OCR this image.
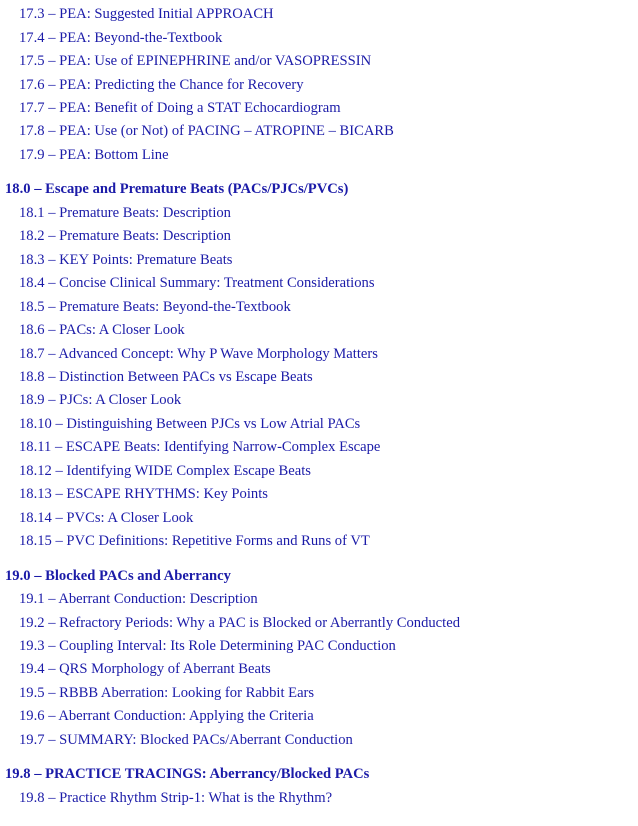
17.3 – PEA: Suggested Initial APPROACH
17.4 – PEA: Beyond-the-Textbook
17.5 – PEA: Use of EPINEPHRINE and/or VASOPRESSIN
17.6 – PEA: Predicting the Chance for Recovery
17.7 – PEA: Benefit of Doing a STAT Echocardiogram
17.8 – PEA: Use (or Not) of PACING – ATROPINE – BICARB
17.9 – PEA: Bottom Line
18.0 – Escape and Premature Beats (PACs/PJCs/PVCs)
18.1 – Premature Beats: Description
18.2 – Premature Beats: Description
18.3 – KEY Points: Premature Beats
18.4 – Concise Clinical Summary: Treatment Considerations
18.5 – Premature Beats: Beyond-the-Textbook
18.6 – PACs: A Closer Look
18.7 – Advanced Concept: Why P Wave Morphology Matters
18.8 – Distinction Between PACs vs Escape Beats
18.9 – PJCs: A Closer Look
18.10 – Distinguishing Between PJCs vs Low Atrial PACs
18.11 – ESCAPE Beats: Identifying Narrow-Complex Escape
18.12 – Identifying WIDE Complex Escape Beats
18.13 – ESCAPE RHYTHMS: Key Points
18.14 – PVCs: A Closer Look
18.15 – PVC Definitions: Repetitive Forms and Runs of VT
19.0 – Blocked PACs and Aberrancy
19.1 – Aberrant Conduction: Description
19.2 – Refractory Periods: Why a PAC is Blocked or Aberrantly Conducted
19.3 – Coupling Interval: Its Role Determining PAC Conduction
19.4 – QRS Morphology of Aberrant Beats
19.5 – RBBB Aberration: Looking for Rabbit Ears
19.6 – Aberrant Conduction: Applying the Criteria
19.7 – SUMMARY: Blocked PACs/Aberrant Conduction
19.8 – PRACTICE TRACINGS: Aberrancy/Blocked PACs
19.8 – Practice Rhythm Strip-1: What is the Rhythm?
